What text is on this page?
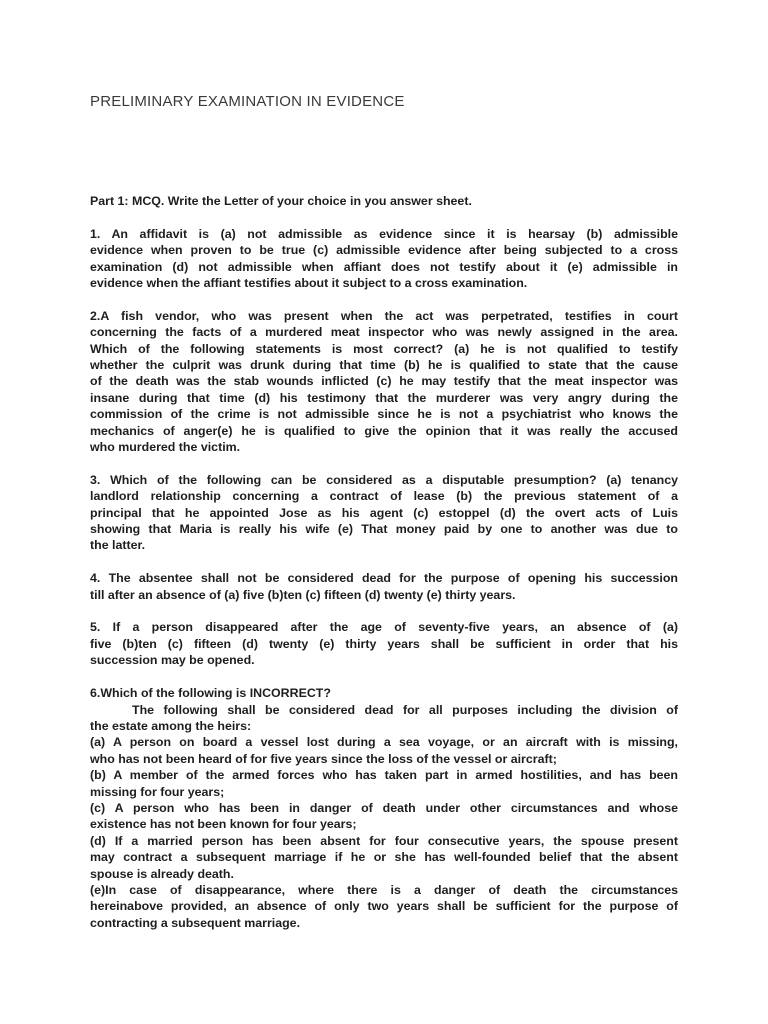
PRELIMINARY EXAMINATION IN EVIDENCE

Part 1: MCQ. Write the Letter of your choice in you answer sheet.

1. An affidavit is (a) not admissible as evidence since it is hearsay (b) admissible
evidence when proven to be true (c) admissible evidence after being subjected to a cross
examination (d) not admissible when affiant does not testify about it (e) admissible in
evidence when the affiant testifies about it subject to a cross examination.
2.A fish vendor, who was present when the act was perpetrated, testifies in court
concerning the facts of a murdered meat inspector who was newly assigned in the area.
Which of the following statements is most correct? (a) he is not qualified to testify
whether the culprit was drunk during that time (b) he is qualified to state that the cause
of the death was the stab wounds inflicted (c) he may testify that the meat inspector was
insane during that time (d) his testimony that the murderer was very angry during the
commission of the crime is not admissible since he is not a psychiatrist who knows the
mechanics of anger(e) he is qualified to give the opinion that it was really the accused
who murdered the victim.
3. Which of the following can be considered as a disputable presumption? (a) tenancy
landlord relationship concerning a contract of lease (b) the previous statement of a
principal that he appointed Jose as his agent (c) estoppel (d) the overt acts of Luis
showing that Maria is really his wife (e) That money paid by one to another was due to
the latter.
4. The absentee shall not be considered dead for the purpose of opening his succession
till after an absence of (a) five (b)ten (c) fifteen (d) twenty (e) thirty years.
5. If a person disappeared after the age of seventy-five years, an absence of (a)
five (b)ten (c) fifteen (d) twenty (e) thirty years shall be sufficient in order that his
succession may be opened.

6.Which of the following is INCORRECT?

The following shall be considered dead for all purposes including the division of
the estate among the heirs:
(a) A person on board a vessel lost during a sea voyage, or an aircraft with is missing,
who has not been heard of for five years since the loss of the vessel or aircraft;
(b) A member of the armed forces who has taken part in armed hostilities, and has been
missing for four years;
(c) A person who has been in danger of death under other circumstances and whose
existence has not been known for four years;
(d) If a married person has been absent for four consecutive years, the spouse present
may contract a subsequent marriage if he or she has well-founded belief that the absent
spouse is already death.
(e)In case of disappearance, where there is a danger of death the circumstances
hereinabove provided, an absence of only two years shall be sufficient for the purpose of
contracting a subsequent marriage.
